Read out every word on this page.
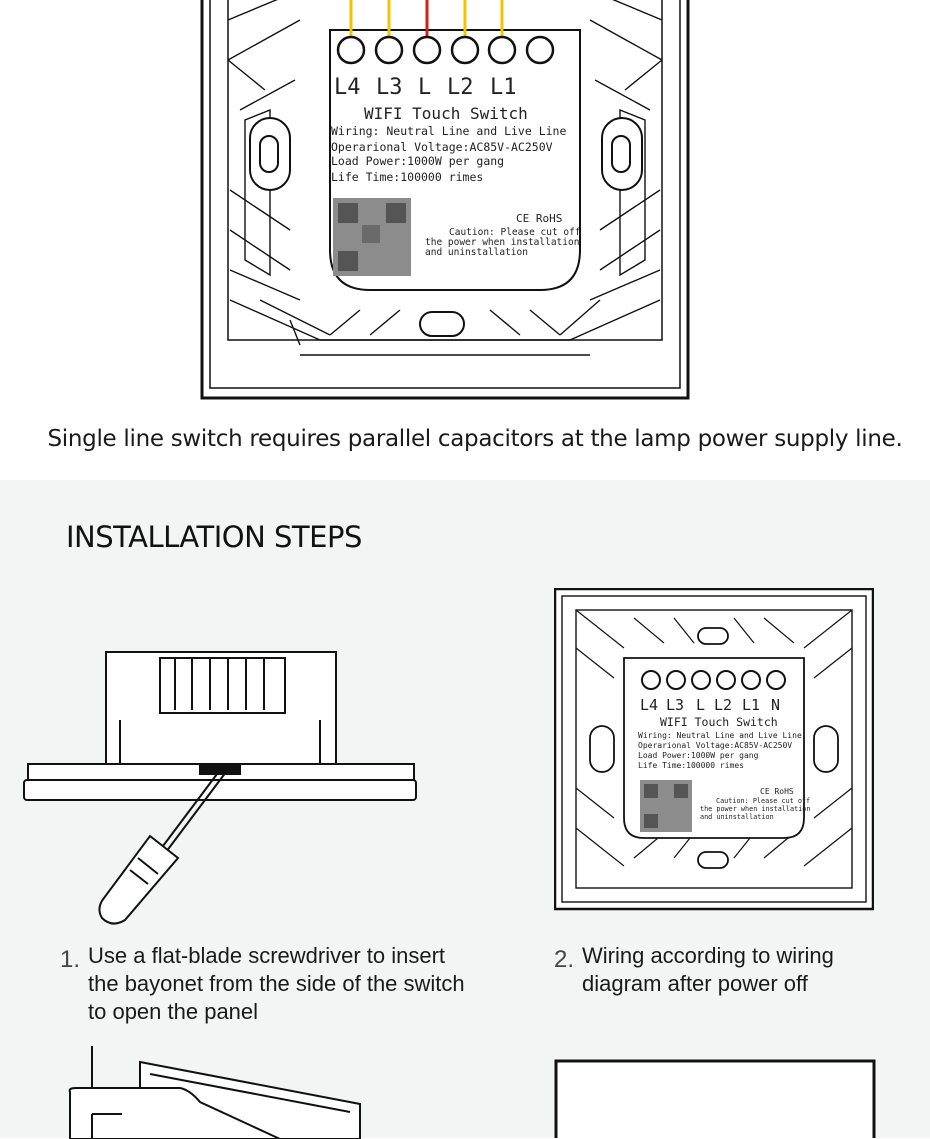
L4 L3 L L2 L1
WIFI Touch Switch
Wiring: Neutral Line and Live Line
Operarional Voltage:AC85V-AC250V
Load Power:1000W per gang
Life Time:100000 rimes
CE RoHS
Caution: Please cut off
the power when installation
and uninstallation
Single line switch requires parallel capacitors at the lamp power supply line.
INSTALLATION STEPS
L4 L3 L L2 L1 N
WIFI Touch Switch
Wiring: Neutral Line and Live Line
Operarional Voltage:AC85V-AC250V
Load Power:1000W per gang
Life Time:100000 rimes
CE RoHS
Caution: Please cut off
the power when installation
and uninstallation
1. Use a flat-blade screwdriver to insert
the bayonet from the side of the switch
to open the panel
2. Wiring according to wiring
diagram after power off
